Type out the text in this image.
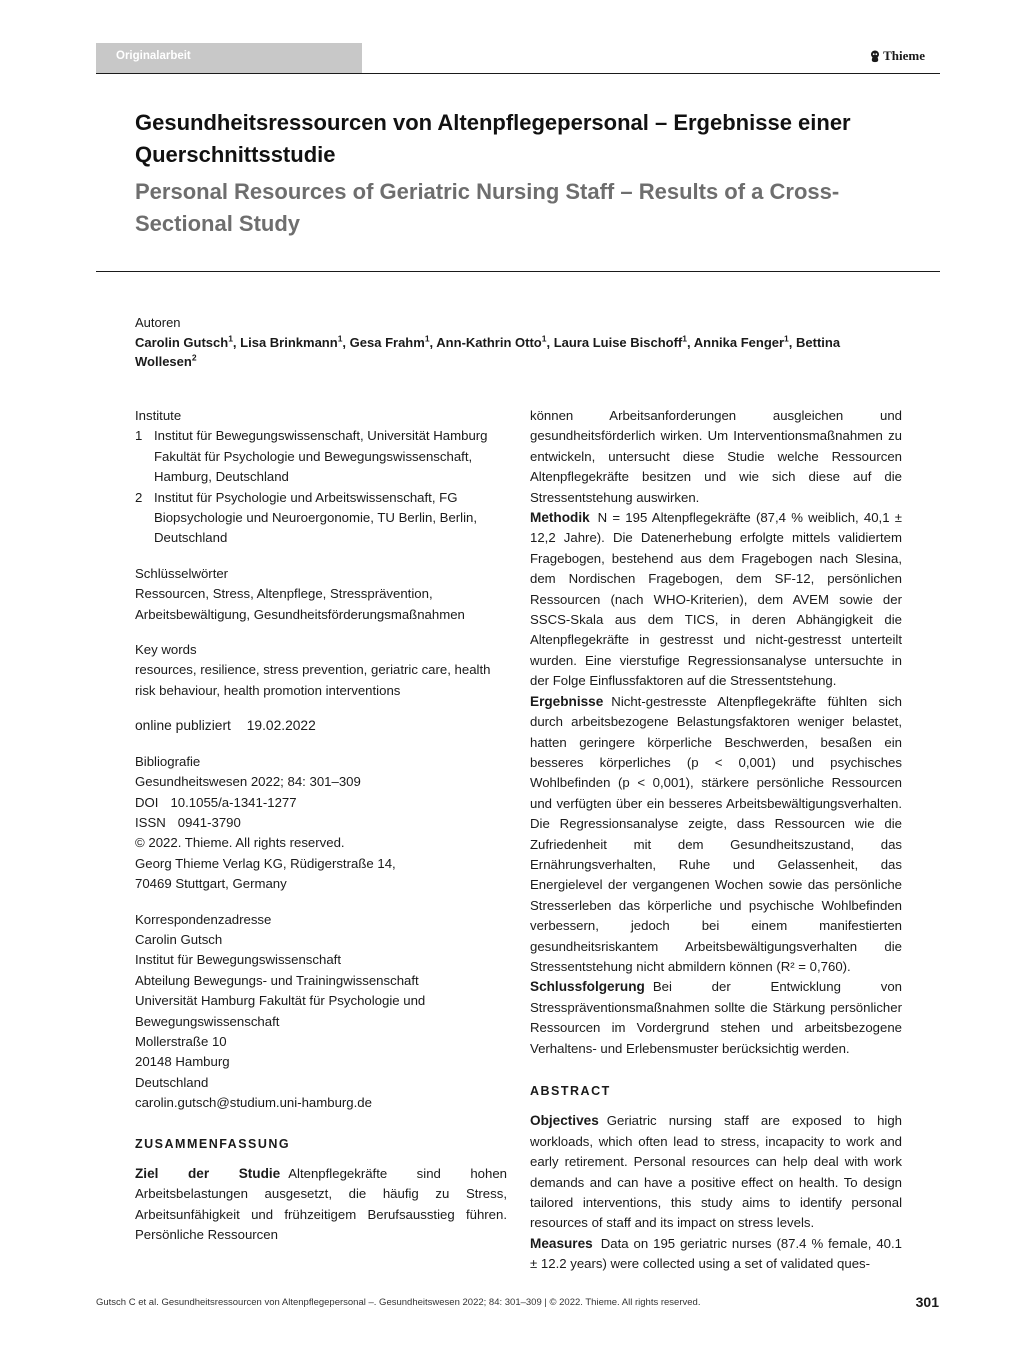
Originalarbeit	Thieme
Gesundheitsressourcen von Altenpflegepersonal – Ergebnisse einer Querschnittsstudie
Personal Resources of Geriatric Nursing Staff – Results of a Cross-Sectional Study
Autoren
Carolin Gutsch$^1$, Lisa Brinkmann$^1$, Gesa Frahm$^1$, Ann-Kathrin Otto$^1$, Laura Luise Bischoff$^1$, Annika Fenger$^1$, Bettina Wollesen$^2$
Institute
1 Institut für Bewegungswissenschaft, Universität Hamburg Fakultät für Psychologie und Bewegungswissenschaft, Hamburg, Deutschland
2 Institut für Psychologie und Arbeitswissenschaft, FG Biopsychologie und Neuroergonomie, TU Berlin, Berlin, Deutschland
Schlüsselwörter
Ressourcen, Stress, Altenpflege, Stressprävention, Arbeitsbewältigung, Gesundheitsförderungsmaßnahmen
Key words
resources, resilience, stress prevention, geriatric care, health risk behaviour, health promotion interventions
online publiziert 19.02.2022
Bibliografie
Gesundheitswesen 2022; 84: 301–309
DOI 10.1055/a-1341-1277
ISSN 0941-3790
© 2022. Thieme. All rights reserved.
Georg Thieme Verlag KG, Rüdigerstraße 14,
70469 Stuttgart, Germany
Korrespondenzadresse
Carolin Gutsch
Institut für Bewegungswissenschaft
Abteilung Bewegungs- und Trainingwissenschaft
Universität Hamburg Fakultät für Psychologie und Bewegungswissenschaft
Mollerstraße 10
20148 Hamburg
Deutschland
carolin.gutsch@studium.uni-hamburg.de
ZUSAMMENFASSUNG
Ziel der Studie Altenpflegekräfte sind hohen Arbeitsbelastungen ausgesetzt, die häufig zu Stress, Arbeitsunfähigkeit und frühzeitigem Berufsausstieg führen. Persönliche Ressourcen

können Arbeitsanforderungen ausgleichen und gesundheitsförderlich wirken. Um Interventionsmaßnahmen zu entwickeln, untersucht diese Studie welche Ressourcen Altenpflegekräfte besitzen und wie sich diese auf die Stressentstehung auswirken.

Methodik N = 195 Altenpflegekräfte (87,4 % weiblich, 40,1 ± 12,2 Jahre). Die Datenerhebung erfolgte mittels validiertem Fragebogen, bestehend aus dem Fragebogen nach Slesina, dem Nordischen Fragebogen, dem SF-12, persönlichen Ressourcen (nach WHO-Kriterien), dem AVEM sowie der SSCS-Skala aus dem TICS, in deren Abhängigkeit die Altenpflegekräfte in gestresst und nicht-gestresst unterteilt wurden. Eine vierstufige Regressionsanalyse untersuchte in der Folge Einflussfaktoren auf die Stressentstehung.

Ergebnisse Nicht-gestresste Altenpflegekräfte fühlten sich durch arbeitsbezogene Belastungsfaktoren weniger belastet, hatten geringere körperliche Beschwerden, besaßen ein besseres körperliches (p < 0,001) und psychisches Wohlbefinden (p < 0,001), stärkere persönliche Ressourcen und verfügten über ein besseres Arbeitsbewältigungsverhalten. Die Regressionsanalyse zeigte, dass Ressourcen wie die Zufriedenheit mit dem Gesundheitszustand, das Ernährungsverhalten, Ruhe und Gelassenheit, das Energielevel der vergangenen Wochen sowie das persönliche Stresserleben das körperliche und psychische Wohlbefinden verbessern, jedoch bei einem manifestierten gesundheitsriskantem Arbeitsbewältigungsverhalten die Stressentstehung nicht abmildern können (R² = 0,760).

Schlussfolgerung Bei der Entwicklung von Stresspräventionsmaßnahmen sollte die Stärkung persönlicher Ressourcen im Vordergrund stehen und arbeitsbezogene Verhaltens- und Erlebensmuster berücksichtig werden.

ABSTRACT

Objectives Geriatric nursing staff are exposed to high workloads, which often lead to stress, incapacity to work and early retirement. Personal resources can help deal with work demands and can have a positive effect on health. To design tailored interventions, this study aims to identify personal resources of staff and its impact on stress levels.

Measures Data on 195 geriatric nurses (87.4 % female, 40.1 ± 12.2 years) were collected using a set of validated ques-

Gutsch C et al. Gesundheitsressourcen von Altenpflegepersonal –. Gesundheitswesen 2022; 84: 301–309 | © 2022. Thieme. All rights reserved.	301
